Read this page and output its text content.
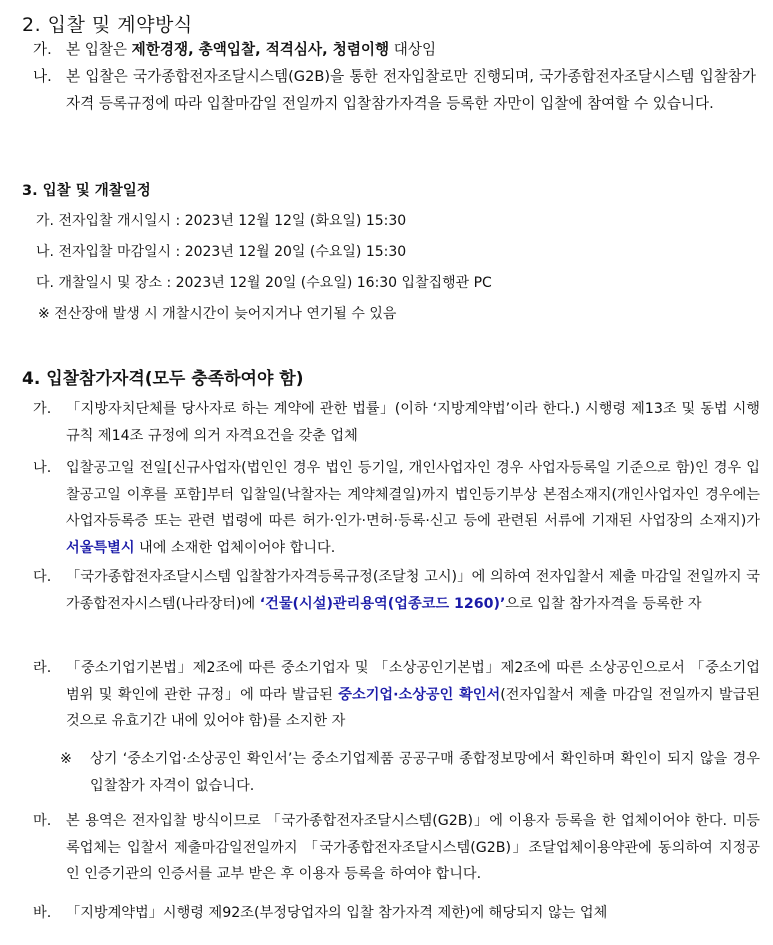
2. 입찰 및 계약방식
가. 본 입찰은 제한경쟁, 총액입찰, 적격심사, 청렴이행 대상임
나. 본 입찰은 국가종합전자조달시스템(G2B)을 통한 전자입찰로만 진행되며, 국가종합전자조달시스템 입찰참가자격 등록규정에 따라 입찰마감일 전일까지 입찰참가자격을 등록한 자만이 입찰에 참여할 수 있습니다.
3. 입찰 및 개찰일정
가. 전자입찰 개시일시 : 2023년 12월 12일 (화요일) 15:30
나. 전자입찰 마감일시 : 2023년 12월 20일 (수요일) 15:30
다. 개찰일시 및 장소 : 2023년 12월 20일 (수요일) 16:30 입찰집행관 PC
※ 전산장애 발생 시 개찰시간이 늦어지거나 연기될 수 있음
4. 입찰참가자격(모두 충족하여야 함)
가. 「지방자치단체를 당사자로 하는 계약에 관한 법률」(이하 ‘지방계약법’이라 한다.) 시행령 제13조 및 동법 시행규칙 제14조 규정에 의거 자격요건을 갖춘 업체
나. 입찰공고일 전일[신규사업자(법인인 경우 법인 등기일, 개인사업자인 경우 사업자등록일 기준으로 함)인 경우 입찰공고일 이후를 포함]부터 입찰일(낙찰자는 계약체결일)까지 법인등기부상 본점소재지(개인사업자인 경우에는 사업자등록증 또는 관련 법령에 따른 허가·인가·면허·등록·신고 등에 관련된 서류에 기재된 사업장의 소재지)가 서울특별시 내에 소재한 업체이어야 합니다.
다. 「국가종합전자조달시스템 입찰참가자격등록규정(조달청 고시)」에 의하여 전자입찰서 제출 마감일 전일까지 국가종합전자시스템(나라장터)에 ‘건물(시설)관리용역(업종코드 1260)’으로 입찰 참가자격을 등록한 자
라. 「중소기업기본법」제2조에 따른 중소기업자 및 「소상공인기본법」제2조에 따른 소상공인으로서 「중소기업 범위 및 확인에 관한 규정」에 따라 발급된 중소기업·소상공인 확인서(전자입찰서 제출 마감일 전일까지 발급된 것으로 유효기간 내에 있어야 함)를 소지한 자
※ 상기 ‘중소기업·소상공인 확인서’는 중소기업제품 공공구매 종합정보망에서 확인하며 확인이 되지 않을 경우 입찰참가 자격이 없습니다.
마. 본 용역은 전자입찰 방식이므로 「국가종합전자조달시스템(G2B)」에 이용자 등록을 한 업체이어야 한다. 미등록업체는 입찰서 제출마감일전일까지 「국가종합전자조달시스템(G2B)」조달업체이용약관에 동의하여 지정공인 인증기관의 인증서를 교부 받은 후 이용자 등록을 하여야 합니다.
바. 「지방계약법」시행령 제92조(부정당업자의 입찰 참가자격 제한)에 해당되지 않는 업체
